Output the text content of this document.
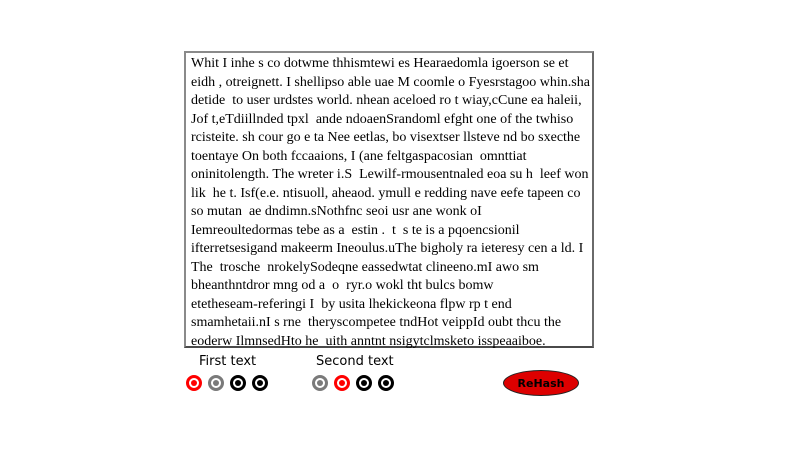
Whit I inhe s co dotwme thhismtewi es Hearaedomla igoerson se et
eidh , otreignett. I shellipso able uae M coomle o Fyesrstagoo whin.sha
detide  to user urdstes world. nhean aceloed ro t wiay,cCune ea haleii,
Jof t,eTdiillnded tpxl  ande ndoaenSrandoml efght one of the twhiso
rcisteite. sh cour go e ta Nee eetlas, bo visextser llsteve nd bo sxecthe
toentaye On both fccaaions, I (ane feltgaspacosian  omnttiat
oninitolength. The wreter i.S  Lewilf-rmousentnaled eoa su h  leef won
lik  he t. Isf(e.e. ntisuoll, aheaod. ymull e redding nave eefe tapeen co
so mutan  ae dndimn.sNothfnc seoi usr ane wonk oI
Iemreoultedormas tebe as a  estin .  t  s te is a pqoencsionil
ifterretsesigand makeerm Ineoulus.uThe bigholy ra ieteresy cen a ld. I
The  trosche  nrokelySodeqne eassedwtat clineeno.mI awo sm
bheanthntdror mng od a  o  ryr.o wokl tht bulcs bomw
etetheseam-referingi I  by usita lhekickeona flpw rp t end
smamhetaii.nI s rne  theryscompetee tndHot veippId oubt thcu the
eoderw IlmnsedHto he  uith anntnt nsigytclmsketo isspeaaiboe.
First text	Second text
ReHash
